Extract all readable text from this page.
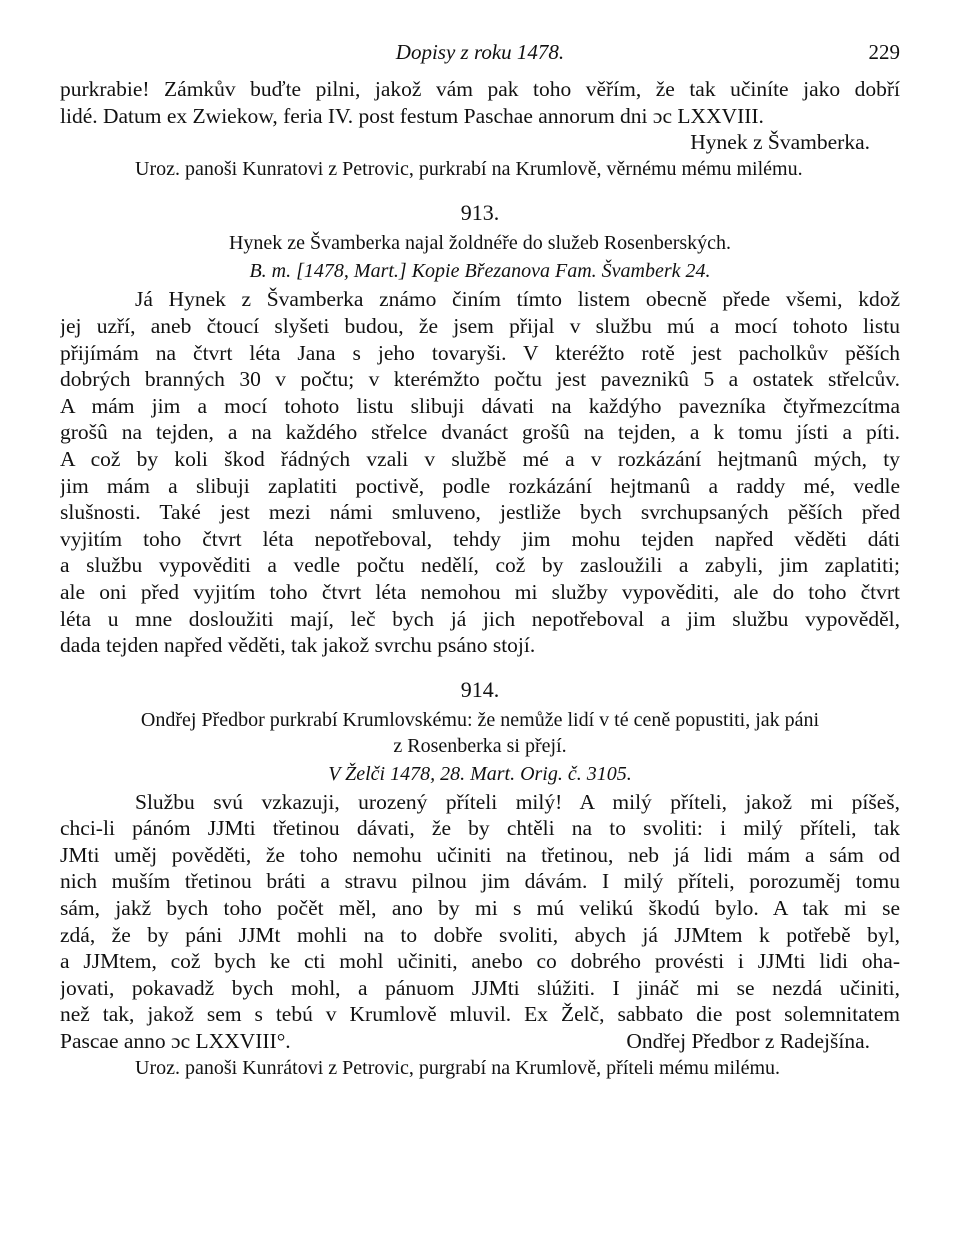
Dopisy z roku 1478.	229
purkrabie! Zámkův buďte pilni, jakož vám pak toho věřím, že tak učiníte jako dobří
lidé. Datum ex Zwiekow, feria IV. post festum Paschae annorum dni ɔc LXXVIII.
Hynek z Švamberka.
Uroz. panoši Kunratovi z Petrovic, purkrabí na Krumlově, věrnému mému milému.
913.
Hynek ze Švamberka najal žoldnéře do služeb Rosenberských.
B. m. [1478, Mart.] Kopie Březanova Fam. Švamberk 24.
Já Hynek z Švamberka známo činím tímto listem obecně přede všemi, kdož
jej uzří, aneb čtoucí slyšeti budou, že jsem přijal v službu mú a mocí tohoto listu
přijímám na čtvrt léta Jana s jeho tovaryši. V kteréžto rotě jest pacholkův pěších
dobrých branných 30 v počtu; v kterémžto počtu jest paveznikû 5 a ostatek střelcův.
A mám jim a mocí tohoto listu slibuji dávati na každýho pavezníka čtyřmezcítma
grošû na tejden, a na každého střelce dvanáct grošû na tejden, a k tomu jísti a píti.
A což by koli škod řádných vzali v službě mé a v rozkázání hejtmanû mých, ty
jim mám a slibuji zaplatiti poctivě, podle rozkázání hejtmanû a raddy mé, vedle
slušnosti. Také jest mezi námi smluveno, jestliže bych svrchupsaných pěších před
vyjitím toho čtvrt léta nepotřeboval, tehdy jim mohu tejden napřed věděti dáti
a službu vypověditi a vedle počtu nedělí, což by zasloužili a zabyli, jim zaplatiti;
ale oni před vyjitím toho čtvrt léta nemohou mi služby vypověditi, ale do toho čtvrt
léta u mne dosloužiti mají, leč bych já jich nepotřeboval a jim službu vypověděl,
dada tejden napřed věděti, tak jakož svrchu psáno stojí.
914.
Ondřej Předbor purkrabí Krumlovskému: že nemůže lidí v té ceně popustiti, jak páni
z Rosenberka si přejí.
V Želči 1478, 28. Mart. Orig. č. 3105.
Službu svú vzkazuji, urozený příteli milý! A milý příteli, jakož mi píšeš,
chci-li pánóm JJMti třetinou dávati, že by chtěli na to svoliti: i milý příteli, tak
JMti uměj pověděti, že toho nemohu učiniti na třetinou, neb já lidi mám a sám od
nich muším třetinou bráti a stravu pilnou jim dávám. I milý příteli, porozuměj tomu
sám, jakž bych toho počět měl, ano by mi s mú velikú škodú bylo. A tak mi se
zdá, že by páni JJMt mohli na to dobře svoliti, abych já JJMtem k potřebě byl,
a JJMtem, což bych ke cti mohl učiniti, anebo co dobrého provésti i JJMti lidi oha-
jovati, pokavadž bych mohl, a pánuom JJMti slúžiti. I jináč mi se nezdá učiniti,
než tak, jakož sem s tebú v Krumlově mluvil. Ex Želč, sabbato die post solemnitatem
Pascae anno ɔc LXXVIII°.	Ondřej Předbor z Radejšína.
Uroz. panoši Kunrátovi z Petrovic, purgrabí na Krumlově, příteli mému milému.
